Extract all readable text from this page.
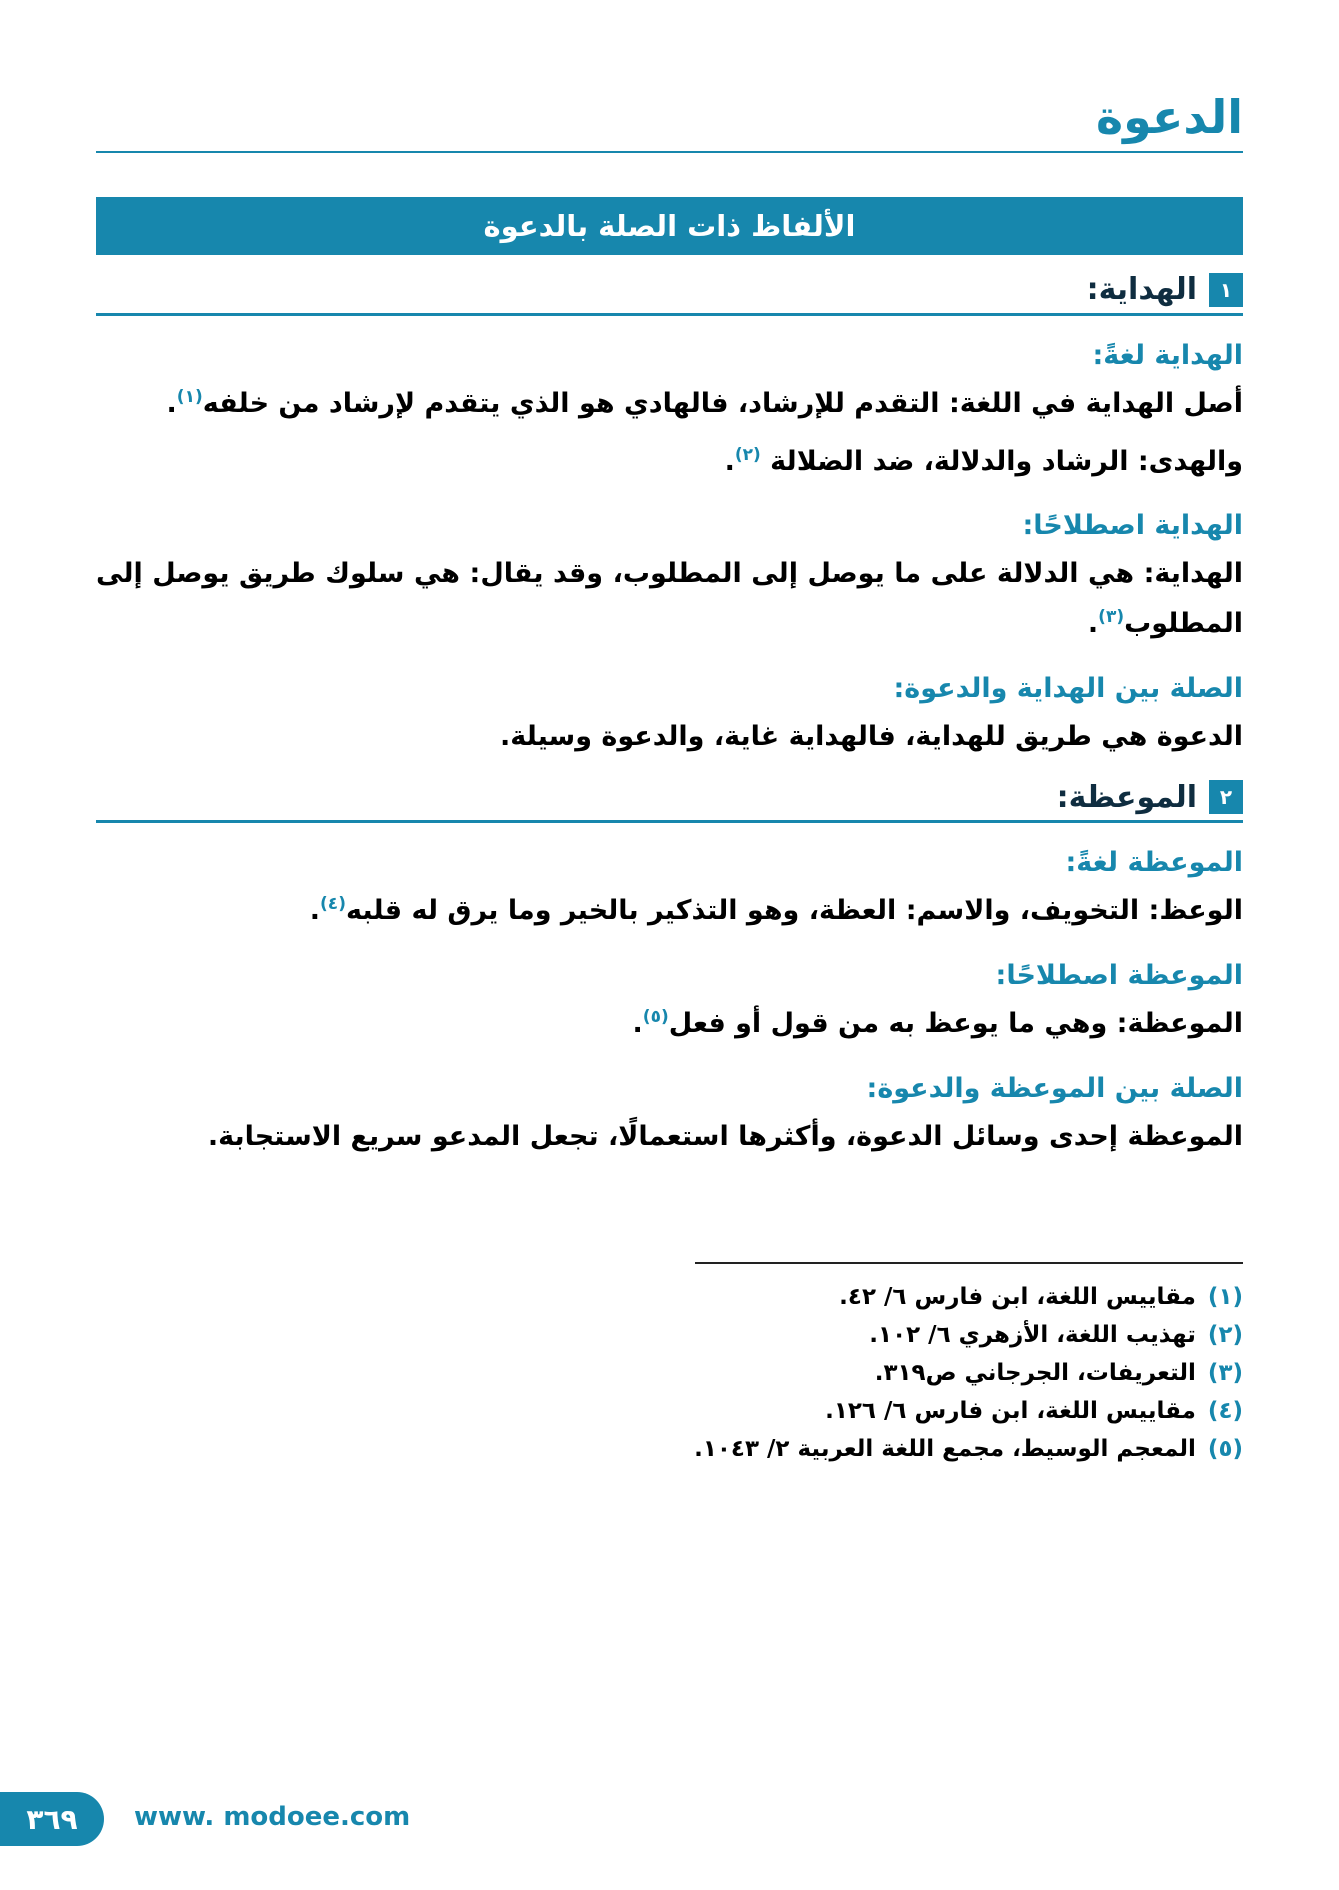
الدعوة
الألفاظ ذات الصلة بالدعوة
١
الهداية:
الهداية لغةً:

أصل الهداية في اللغة: التقدم للإرشاد، فالهادي هو الذي يتقدم لإرشاد من خلفه$^{(١)}$.

والهدى: الرشاد والدلالة، ضد الضلالة $^{(٢)}$.

الهداية اصطلاحًا:

الهداية: هي الدلالة على ما يوصل إلى المطلوب، وقد يقال: هي سلوك طريق يوصل إلى المطلوب$^{(٣)}$.

الصلة بين الهداية والدعوة:

الدعوة هي طريق للهداية، فالهداية غاية، والدعوة وسيلة.

٢
الموعظة:
الموعظة لغةً:

الوعظ: التخويف، والاسم: العظة، وهو التذكير بالخير وما يرق له قلبه$^{(٤)}$.

الموعظة اصطلاحًا:

الموعظة: وهي ما يوعظ به من قول أو فعل$^{(٥)}$.

الصلة بين الموعظة والدعوة:

الموعظة إحدى وسائل الدعوة، وأكثرها استعمالًا، تجعل المدعو سريع الاستجابة.

(١)
مقاييس اللغة، ابن فارس ٦/ ٤٢.
(٢)
تهذيب اللغة، الأزهري ٦/ ١٠٢.
(٣)
التعريفات، الجرجاني ص٣١٩.
(٤)
مقاييس اللغة، ابن فارس ٦/ ١٢٦.
(٥)
المعجم الوسيط، مجمع اللغة العربية ٢/ ١٠٤٣.
٣٦٩ www. modoee.com
